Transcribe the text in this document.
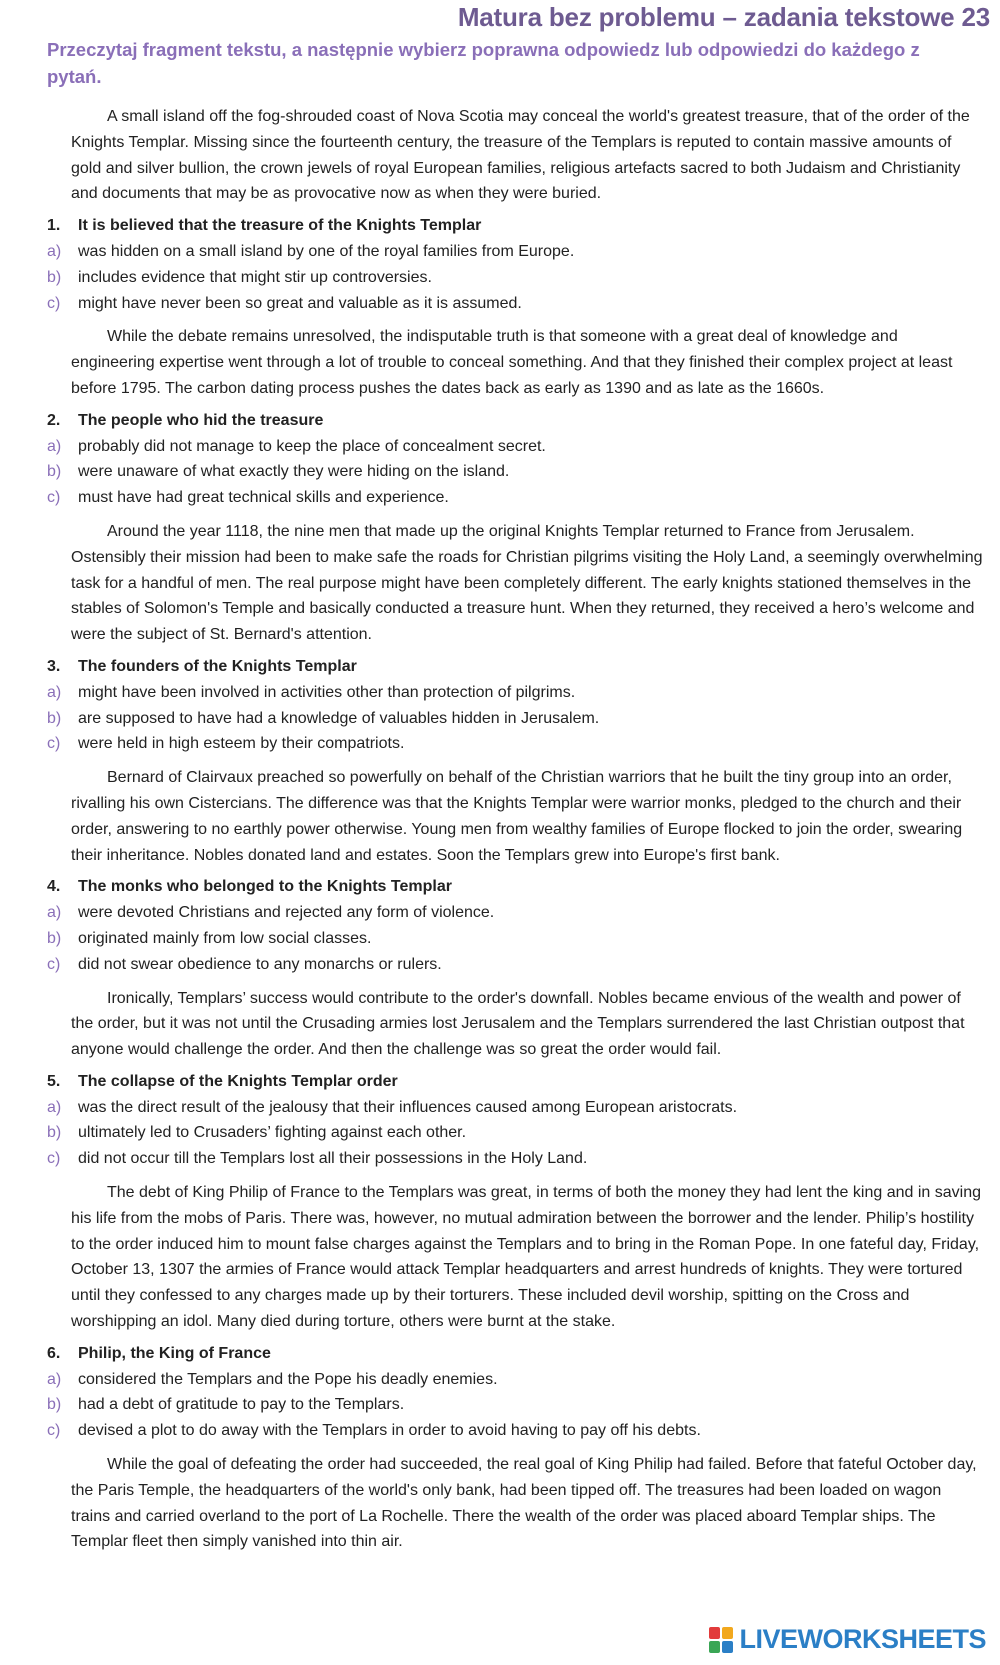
Matura bez problemu – zadania tekstowe 23
Przeczytaj fragment tekstu, a następnie wybierz poprawna odpowiedz lub odpowiedzi do każdego z pytań.

A small island off the fog-shrouded coast of Nova Scotia may conceal the world's greatest treasure, that of the order of the Knights Templar. Missing since the fourteenth century, the treasure of the Templars is reputed to contain massive amounts of gold and silver bullion, the crown jewels of royal European families, religious artefacts sacred to both Judaism and Christianity and documents that may be as provocative now as when they were buried.

1.	It is believed that the treasure of the Knights Templar
a)	was hidden on a small island by one of the royal families from Europe.
b)	includes evidence that might stir up controversies.
c)	might have never been so great and valuable as it is assumed.

While the debate remains unresolved, the indisputable truth is that someone with a great deal of knowledge and engineering expertise went through a lot of trouble to conceal something. And that they finished their complex project at least before 1795. The carbon dating process pushes the dates back as early as 1390 and as late as the 1660s.

2.	The people who hid the treasure
a)	probably did not manage to keep the place of concealment secret.
b)	were unaware of what exactly they were hiding on the island.
c)	must have had great technical skills and experience.

Around the year 1118, the nine men that made up the original Knights Templar returned to France from Jerusalem. Ostensibly their mission had been to make safe the roads for Christian pilgrims visiting the Holy Land, a seemingly overwhelming task for a handful of men. The real purpose might have been completely different. The early knights stationed themselves in the stables of Solomon's Temple and basically conducted a treasure hunt. When they returned, they received a hero’s welcome and were the subject of St. Bernard's attention.

3.	The founders of the Knights Templar
a)	might have been involved in activities other than protection of pilgrims.
b)	are supposed to have had a knowledge of valuables hidden in Jerusalem.
c)	were held in high esteem by their compatriots.

Bernard of Clairvaux preached so powerfully on behalf of the Christian warriors that he built the tiny group into an order, rivalling his own Cistercians. The difference was that the Knights Templar were warrior monks, pledged to the church and their order, answering to no earthly power otherwise. Young men from wealthy families of Europe flocked to join the order, swearing their inheritance. Nobles donated land and estates. Soon the Templars grew into Europe's first bank.

4.	The monks who belonged to the Knights Templar
a)	were devoted Christians and rejected any form of violence.
b)	originated mainly from low social classes.
c)	did not swear obedience to any monarchs or rulers.

Ironically, Templars’ success would contribute to the order's downfall. Nobles became envious of the wealth and power of the order, but it was not until the Crusading armies lost Jerusalem and the Templars surrendered the last Christian outpost that anyone would challenge the order. And then the challenge was so great the order would fail.

5.	The collapse of the Knights Templar order
a)	was the direct result of the jealousy that their influences caused among European aristocrats.
b)	ultimately led to Crusaders’ fighting against each other.
c)	did not occur till the Templars lost all their possessions in the Holy Land.

The debt of King Philip of France to the Templars was great, in terms of both the money they had lent the king and in saving his life from the mobs of Paris. There was, however, no mutual admiration between the borrower and the lender. Philip’s hostility to the order induced him to mount false charges against the Templars and to bring in the Roman Pope. In one fateful day, Friday, October 13, 1307 the armies of France would attack Templar headquarters and arrest hundreds of knights. They were tortured until they confessed to any charges made up by their torturers. These included devil worship, spitting on the Cross and worshipping an idol. Many died during torture, others were burnt at the stake.

6.	Philip, the King of France
a)	considered the Templars and the Pope his deadly enemies.
b)	had a debt of gratitude to pay to the Templars.
c)	devised a plot to do away with the Templars in order to avoid having to pay off his debts.

While the goal of defeating the order had succeeded, the real goal of King Philip had failed. Before that fateful October day, the Paris Temple, the headquarters of the world's only bank, had been tipped off. The treasures had been loaded on wagon trains and carried overland to the port of La Rochelle. There the wealth of the order was placed aboard Templar ships. The Templar fleet then simply vanished into thin air.

LIVEWORKSHEETS
